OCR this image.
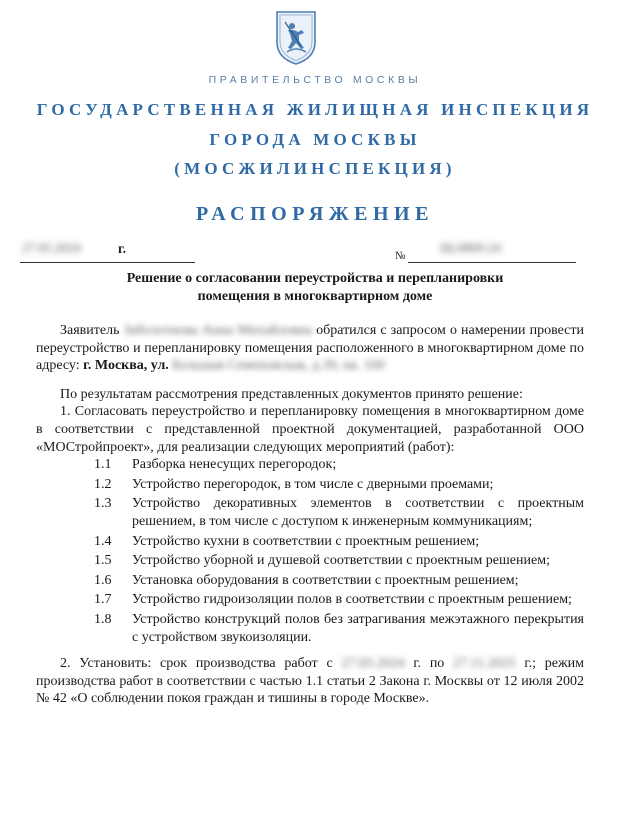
ПРАВИТЕЛЬСТВО МОСКВЫ
ГОСУДАРСТВЕННАЯ ЖИЛИЩНАЯ ИНСПЕКЦИЯ
ГОРОДА МОСКВЫ
(МОСЖИЛИНСПЕКЦИЯ)
РАСПОРЯЖЕНИЕ
27.05.2024	г.	№
Щ-0809-24
Решение о согласовании переустройства и перепланировки
помещения в многоквартирном доме

Заявитель Заболотнова Анна Михайловна обратился с запросом о намерении провести переустройство и перепланировку помещения расположенного в многоквартирном доме по адресу: г. Москва, ул. Большая Семеновская, д.39, кв. 100

По результатам рассмотрения представленных документов принято решение:

1. Согласовать переустройство и перепланировку помещения в многоквартирном доме в соответствии с представленной проектной документацией, разработанной ООО «МОСтройпроект», для реализации следующих мероприятий (работ):

1.1	Разборка ненесущих перегородок;
1.2	Устройство перегородок, в том числе с дверными проемами;
1.3	Устройство декоративных элементов в соответствии с проектным решением, в том числе с доступом к инженерным коммуникациям;
1.4	Устройство кухни в соответствии с проектным решением;
1.5	Устройство уборной и душевой соответствии с проектным решением;
1.6	Установка оборудования в соответствии с проектным решением;
1.7	Устройство гидроизоляции полов в соответствии с проектным решением;
1.8	Устройство конструкций полов без затрагивания межэтажного перекрытия с устройством звукоизоляции.

2. Установить: срок производства работ с 27.05.2024 г. по 27.11.2025 г.; режим производства работ в соответствии с частью 1.1 статьи 2 Закона г. Москвы от 12 июля 2002 № 42 «О соблюдении покоя граждан и тишины в городе Москве».
